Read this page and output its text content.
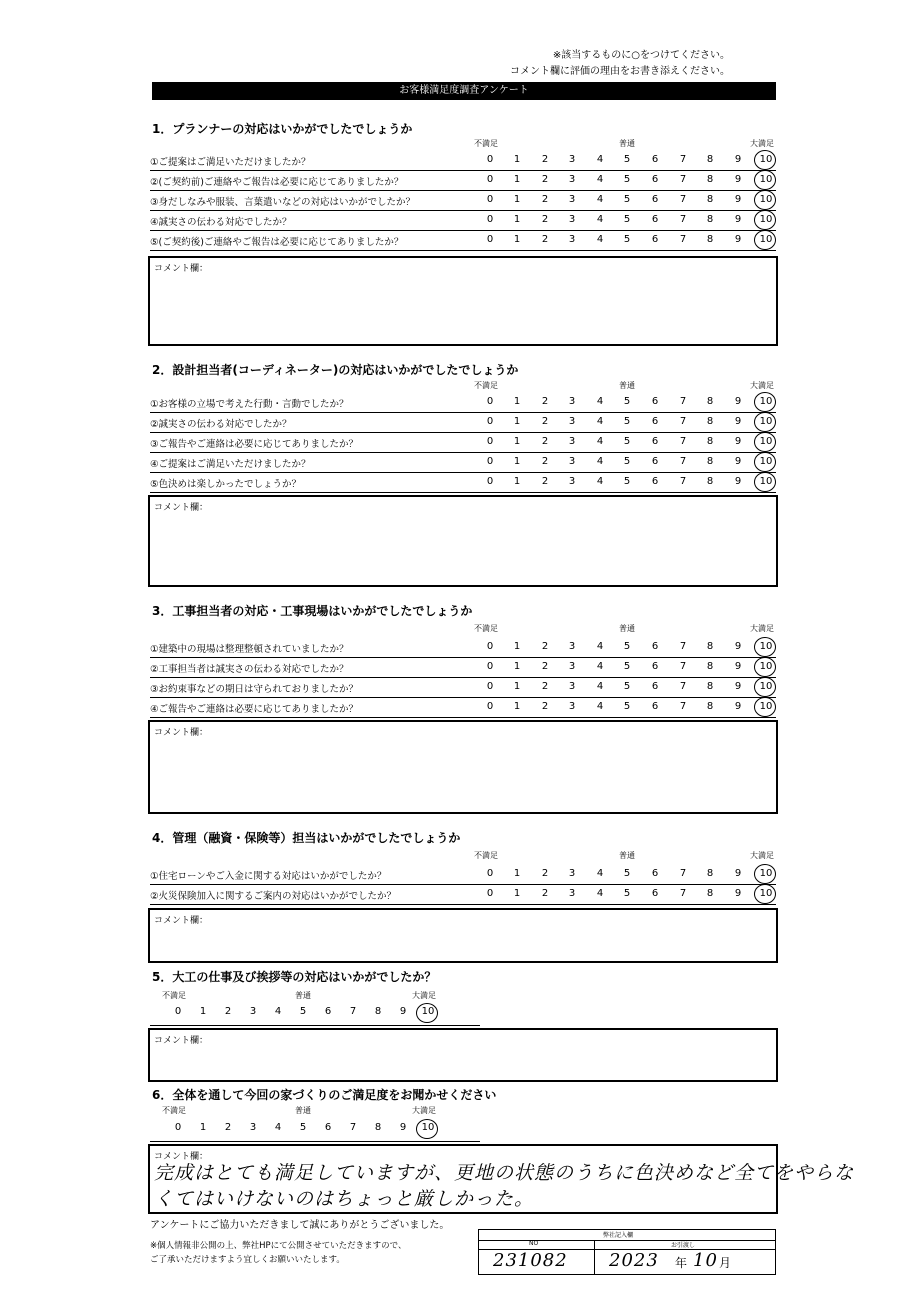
※該当するものに○をつけてください。
コメント欄に評価の理由をお書き添えください。
お客様満足度調査アンケート
1．プランナーの対応はいかがでしたでしょうか
不満足	普通	大満足
①ご提案はご満足いただけましたか？	0	1	2	3	4	5	6	7	8	9	10
②(ご契約前)ご連絡やご報告は必要に応じてありましたか？	0	1	2	3	4	5	6	7	8	9	10
③身だしなみや服装、言葉遣いなどの対応はいかがでしたか？	0	1	2	3	4	5	6	7	8	9	10
④誠実さの伝わる対応でしたか？	0	1	2	3	4	5	6	7	8	9	10
⑤(ご契約後)ご連絡やご報告は必要に応じてありましたか？	0	1	2	3	4	5	6	7	8	9	10
コメント欄：
2．設計担当者(コーディネーター)の対応はいかがでしたでしょうか
不満足	普通	大満足
①お客様の立場で考えた行動・言動でしたか？	0	1	2	3	4	5	6	7	8	9	10
②誠実さの伝わる対応でしたか？	0	1	2	3	4	5	6	7	8	9	10
③ご報告やご連絡は必要に応じてありましたか？	0	1	2	3	4	5	6	7	8	9	10
④ご提案はご満足いただけましたか？	0	1	2	3	4	5	6	7	8	9	10
⑤色決めは楽しかったでしょうか？	0	1	2	3	4	5	6	7	8	9	10
コメント欄：
3．工事担当者の対応・工事現場はいかがでしたでしょうか
不満足	普通	大満足
①建築中の現場は整理整頓されていましたか？	0	1	2	3	4	5	6	7	8	9	10
②工事担当者は誠実さの伝わる対応でしたか？	0	1	2	3	4	5	6	7	8	9	10
③お約束事などの期日は守られておりましたか？	0	1	2	3	4	5	6	7	8	9	10
④ご報告やご連絡は必要に応じてありましたか？	0	1	2	3	4	5	6	7	8	9	10
コメント欄：
4．管理（融資・保険等）担当はいかがでしたでしょうか
不満足	普通	大満足
①住宅ローンやご入金に関する対応はいかがでしたか？	0	1	2	3	4	5	6	7	8	9	10
②火災保険加入に関するご案内の対応はいかがでしたか？	0	1	2	3	4	5	6	7	8	9	10
コメント欄：
5．大工の仕事及び挨拶等の対応はいかがでしたか？
不満足	普通	大満足
0	1	2	3	4	5	6	7	8	9	10
コメント欄：
6．全体を通して今回の家づくりのご満足度をお聞かせください
不満足	普通	大満足
0	1	2	3	4	5	6	7	8	9	10
コメント欄：
完成はとても満足していますが、更地の状態のうちに色決めなど全てをやらな
くてはいけないのはちょっと厳しかった。
アンケートにご協力いただきまして誠にありがとうございました。
※個人情報非公開の上、弊社HPにて公開させていただきますので、
ご了承いただけますよう宜しくお願いいたします。
弊社記入欄
NO	お引渡し
231082 2023 年 10 月
